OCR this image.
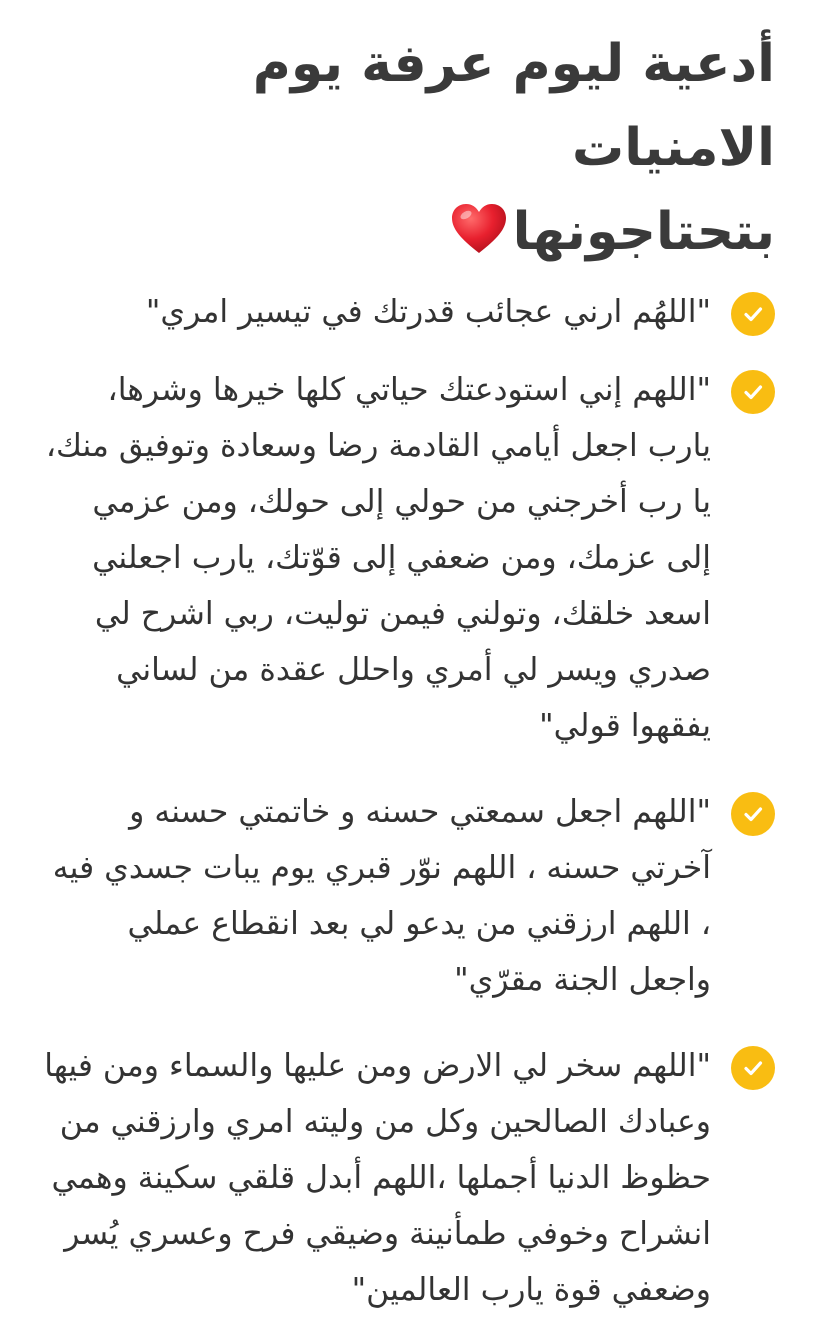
أدعية ليوم عرفة يوم الامنيات
بتحتاجونها
"اللهُم ارني عجائب قدرتك في تيسير امري"
"اللهم إني استودعتك حياتي كلها خيرها وشرها، يارب اجعل أيامي القادمة رضا وسعادة وتوفيق منك، يا رب أخرجني من حولي إلى حولك، ومن عزمي إلى عزمك، ومن ضعفي إلى قوّتك، يارب اجعلني اسعد خلقك، وتولني فيمن توليت، ربي اشرح لي صدري ويسر لي أمري واحلل عقدة من لساني يفقهوا قولي"
"اللهم اجعل سمعتي حسنه و خاتمتي حسنه و آخرتي حسنه ، اللهم نوّر قبري يوم يبات جسدي فيه ، اللهم ارزقني من يدعو لي بعد انقطاع عملي واجعل الجنة مقرّي"
"اللهم سخر لي الارض ومن عليها والسماء ومن فيها وعبادك الصالحين وكل من وليته امري وارزقني من حظوظ الدنيا أجملها ،اللهم أبدل قلقي سكينة وهمي انشراح وخوفي طمأنينة وضيقي فرح وعسري يُسر وضعفي قوة يارب العالمين"
